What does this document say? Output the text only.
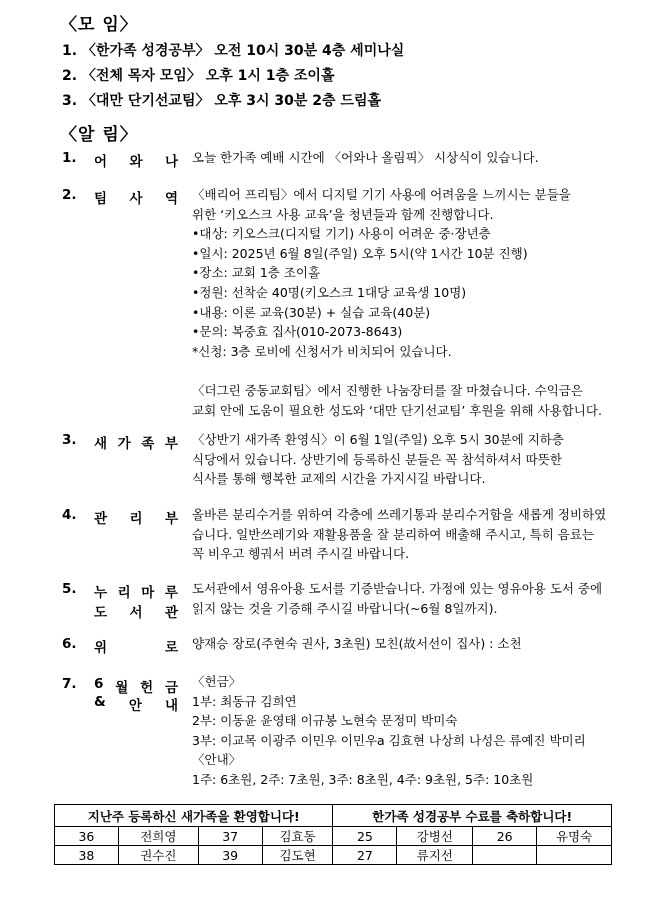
〈모 임〉
1. 〈한가족 성경공부〉 오전 10시 30분 4층 세미나실
2. 〈전체 목자 모임〉 오후 1시 1층 조이홀
3. 〈대만 단기선교팀〉 오후 3시 30분 2층 드림홀
〈알 림〉
1. 어 와 나 오늘 한가족 예배 시간에 〈어와나 올림픽〉 시상식이 있습니다.
2. 팀 사 역 〈배리어 프리팀〉에서 디지털 기기 사용에 어려움을 느끼시는 분들을
위한 ‘키오스크 사용 교육’을 청년들과 함께 진행합니다.
•대상: 키오스크(디지털 기기) 사용이 어려운 중·장년층
•일시: 2025년 6월 8일(주일) 오후 5시(약 1시간 10분 진행)
•장소: 교회 1층 조이홀
•정원: 선착순 40명(키오스크 1대당 교육생 10명)
•내용: 이론 교육(30분) + 실습 교육(40분)
•문의: 복중효 집사(010-2073-8643)
*신청: 3층 로비에 신청서가 비치되어 있습니다.
〈더그린 중동교회팀〉에서 진행한 나눔장터를 잘 마쳤습니다. 수익금은
교회 안에 도움이 필요한 성도와 ‘대만 단기선교팀’ 후원을 위해 사용합니다.
3. 새 가 족 부 〈상반기 새가족 환영식〉이 6월 1일(주일) 오후 5시 30분에 지하층
식당에서 있습니다. 상반기에 등록하신 분들은 꼭 참석하셔서 따뜻한
식사를 통해 행복한 교제의 시간을 가지시길 바랍니다.
4. 관 리 부 올바른 분리수거를 위하여 각층에 쓰레기통과 분리수거함을 새롭게 정비하였
습니다. 일반쓰레기와 재활용품을 잘 분리하여 배출해 주시고, 특히 음료는
꼭 비우고 헹궈서 버려 주시길 바랍니다.
5. 누 리 마 루
도 서 관
도서관에서 영유아용 도서를 기증받습니다. 가정에 있는 영유아용 도서 중에
읽지 않는 것을 기증해 주시길 바랍니다(~6월 8일까지).
6. 위	로 양재승 장로(주현숙 권사, 3초원) 모친(故서선이 집사) : 소천
7. 6 월 헌 금
& 안 내
〈헌금〉
1부: 최동규 김희연
2부: 이동윤 윤영태 이규봉 노현숙 문정미 박미숙
3부: 이교목 이광주 이민우 이민우a 김효현 나상희 나성은 류예진 박미리
〈안내〉
1주: 6초원, 2주: 7초원, 3주: 8초원, 4주: 9초원, 5주: 10초원
지난주 등록하신 새가족을 환영합니다!				한가족 성경공부 수료를 축하합니다!			
36	전희영	37	김효동	25	강병선	26	유명숙
38	권수진	39	김도현	27	류지선		
